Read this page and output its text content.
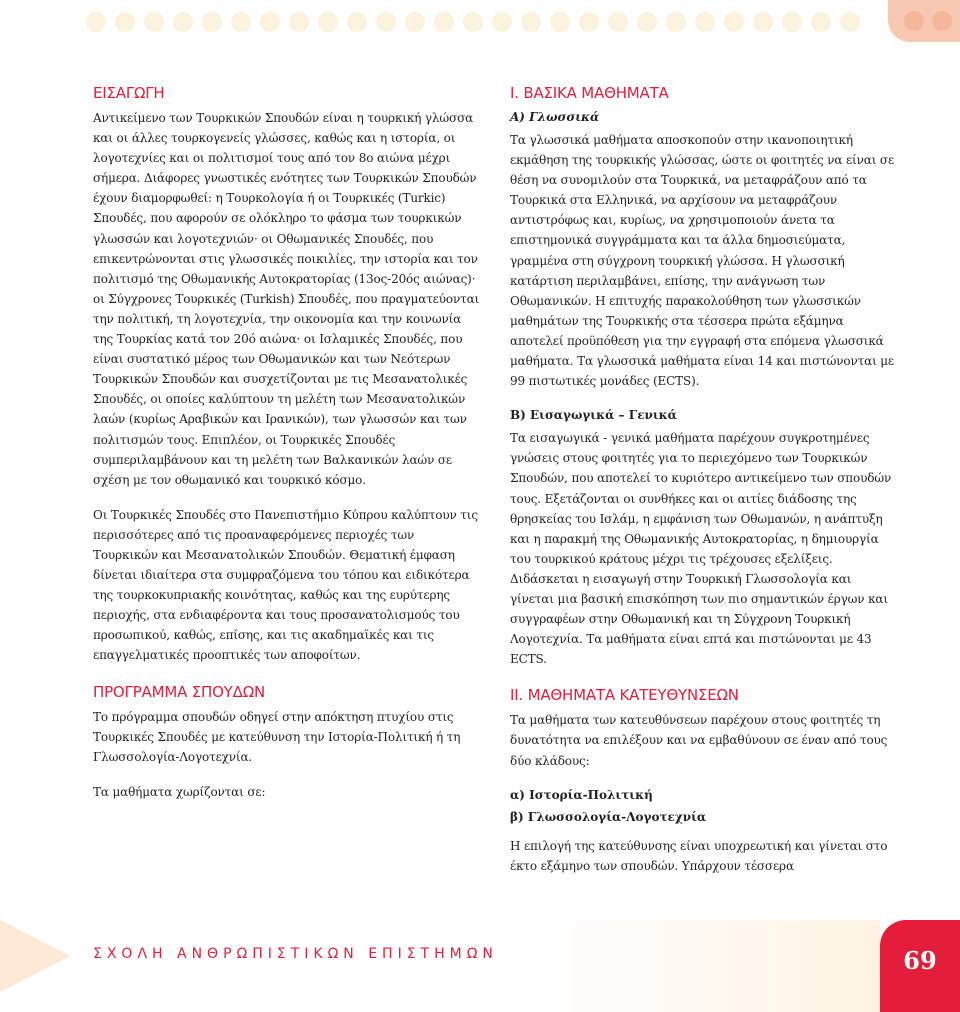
ΕΙΣΑΓΩΓΗ

Αντικείμενο των Τουρκικών Σπουδών είναι η τουρκική γλώσσα και οι άλλες τουρκογενείς γλώσσες, καθώς και η ιστορία, οι λογοτεχνίες και οι πολιτισμοί τους από τον 8ο αιώνα μέχρι σήμερα. Διάφορες γνωστικές ενότητες των Τουρκικών Σπουδών έχουν διαμορφωθεί: η Τουρκολογία ή οι Τουρκικές (Turkic) Σπουδές, που αφορούν σε ολόκληρο το φάσμα των τουρκικών γλωσσών και λογοτεχνιών· οι Οθωμανικές Σπουδές, που επικεντρώνονται στις γλωσσικές ποικιλίες, την ιστορία και τον πολιτισμό της Οθωμανικής Αυτοκρατορίας (13ος-20ός αιώνας)· οι Σύγχρονες Τουρκικές (Turkish) Σπουδές, που πραγματεύονται την πολιτική, τη λογοτεχνία, την οικονομία και την κοινωνία της Τουρκίας κατά τον 20ό αιώνα· οι Ισλαμικές Σπουδές, που είναι συστατικό μέρος των Οθωμανικών και των Νεότερων Τουρκικών Σπουδών και συσχετίζονται με τις Μεσανατολικές Σπουδές, οι οποίες καλύπτουν τη μελέτη των Μεσανατολικών λαών (κυρίως Αραβικών και Ιρανικών), των γλωσσών και των πολιτισμών τους. Επιπλέον, οι Τουρκικές Σπουδές συμπεριλαμβάνουν και τη μελέτη των Βαλκανικών λαών σε σχέση με τον οθωμανικό και τουρκικό κόσμο.

Οι Τουρκικές Σπουδές στο Πανεπιστήμιο Κύπρου καλύπτουν τις περισσότερες από τις προαναφερόμενες περιοχές των Τουρκικών και Μεσανατολικών Σπουδών. Θεματική έμφαση δίνεται ιδιαίτερα στα συμφραζόμενα του τόπου και ειδικότερα της τουρκοκυπριακής κοινότητας, καθώς και της ευρύτερης περιοχής, στα ενδιαφέροντα και τους προσανατολισμούς του προσωπικού, καθώς, επίσης, και τις ακαδημαϊκές και τις επαγγελματικές προοπτικές των αποφοίτων.

ΠΡΟΓΡΑΜΜΑ ΣΠΟΥΔΩΝ

Το πρόγραμμα σπουδών οδηγεί στην απόκτηση πτυχίου στις Τουρκικές Σπουδές με κατεύθυνση την Ιστορία-Πολιτική ή τη Γλωσσολογία-Λογοτεχνία.

Τα μαθήματα χωρίζονται σε:

I. ΒΑΣΙΚΑ ΜΑΘΗΜΑΤΑ
Α) Γλωσσικά

Τα γλωσσικά μαθήματα αποσκοπούν στην ικανοποιητική εκμάθηση της τουρκικής γλώσσας, ώστε οι φοιτητές να είναι σε θέση να συνομιλούν στα Τουρκικά, να μεταφράζουν από τα Τουρκικά στα Ελληνικά, να αρχίσουν να μεταφράζουν αντιστρόφως και, κυρίως, να χρησιμοποιούν άνετα τα επιστημονικά συγγράμματα και τα άλλα δημοσιεύματα, γραμμένα στη σύγχρονη τουρκική γλώσσα. Η γλωσσική κατάρτιση περιλαμβάνει, επίσης, την ανάγνωση των Οθωμανικών. Η επιτυχής παρακολούθηση των γλωσσικών μαθημάτων της Τουρκικής στα τέσσερα πρώτα εξάμηνα αποτελεί προϋπόθεση για την εγγραφή στα επόμενα γλωσσικά μαθήματα. Τα γλωσσικά μαθήματα είναι 14 και πιστώνονται με 99 πιστωτικές μονάδες (ECTS).

Β) Εισαγωγικά – Γενικά

Τα εισαγωγικά - γενικά μαθήματα παρέχουν συγκροτημένες γνώσεις στους φοιτητές για το περιεχόμενο των Τουρκικών Σπουδών, που αποτελεί το κυριότερο αντικείμενο των σπουδών τους. Εξετάζονται οι συνθήκες και οι αιτίες διάδοσης της θρησκείας του Ισλάμ, η εμφάνιση των Οθωμανών, η ανάπτυξη και η παρακμή της Οθωμανικής Αυτοκρατορίας, η δημιουργία του τουρκικού κράτους μέχρι τις τρέχουσες εξελίξεις. Διδάσκεται η εισαγωγή στην Τουρκική Γλωσσολογία και γίνεται μια βασική επισκόπηση των πιο σημαντικών έργων και συγγραφέων στην Οθωμανική και τη Σύγχρονη Τουρκική Λογοτεχνία. Τα μαθήματα είναι επτά και πιστώνονται με 43 ECTS.

II. ΜΑΘΗΜΑΤΑ ΚΑΤΕΥΘΥΝΣΕΩΝ

Τα μαθήματα των κατευθύνσεων παρέχουν στους φοιτητές τη δυνατότητα να επιλέξουν και να εμβαθύνουν σε έναν από τους δύο κλάδους:

α) Ιστορία-Πολιτική
β) Γλωσσολογία-Λογοτεχνία

Η επιλογή της κατεύθυνσης είναι υποχρεωτική και γίνεται στο έκτο εξάμηνο των σπουδών. Υπάρχουν τέσσερα

ΣΧΟΛΗ ΑΝΘΡΩΠΙΣΤΙΚΩΝ ΕΠΙΣΤΗΜΩΝ	69
